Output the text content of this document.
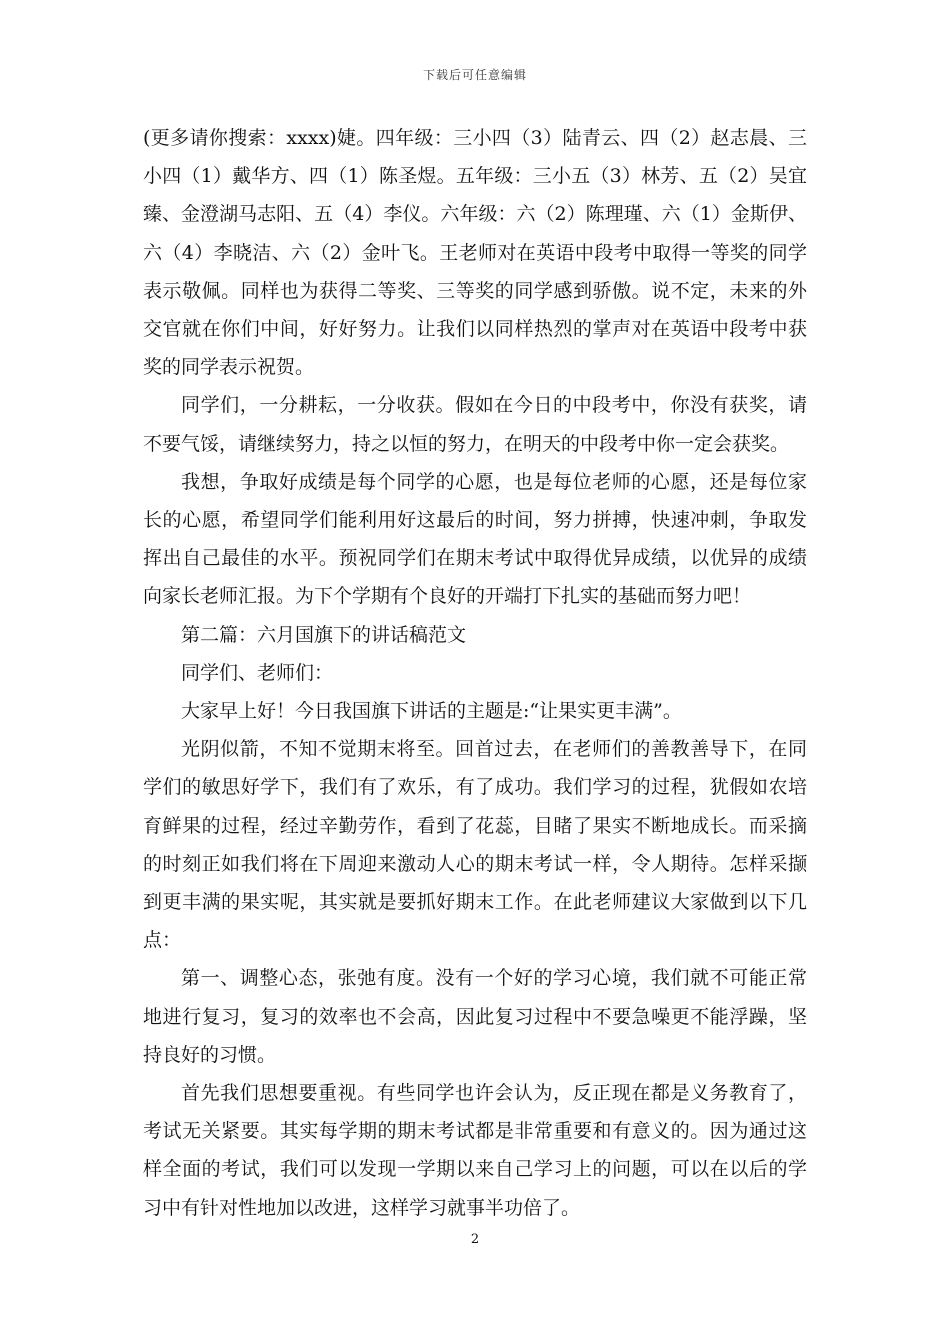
下载后可任意编辑

(更多请你搜索：xxxx)婕。四年级：三小四（3）陆青云、四（2）赵志晨、三小四（1）戴华方、四（1）陈圣煜。五年级：三小五（3）林芳、五（2）吴宜臻、金澄湖马志阳、五（4）李仪。六年级：六（2）陈理瑾、六（1）金斯伊、六（4）李晓洁、六（2）金叶飞。王老师对在英语中段考中取得一等奖的同学表示敬佩。同样也为获得二等奖、三等奖的同学感到骄傲。说不定，未来的外交官就在你们中间，好好努力。让我们以同样热烈的掌声对在英语中段考中获奖的同学表示祝贺。

同学们，一分耕耘，一分收获。假如在今日的中段考中，你没有获奖，请不要气馁，请继续努力，持之以恒的努力，在明天的中段考中你一定会获奖。

我想，争取好成绩是每个同学的心愿，也是每位老师的心愿，还是每位家长的心愿，希望同学们能利用好这最后的时间，努力拼搏，快速冲刺，争取发挥出自己最佳的水平。预祝同学们在期末考试中取得优异成绩，以优异的成绩向家长老师汇报。为下个学期有个良好的开端打下扎实的基础而努力吧！

第二篇：六月国旗下的讲话稿范文

同学们、老师们：

大家早上好！今日我国旗下讲话的主题是:“让果实更丰满”。

光阴似箭，不知不觉期末将至。回首过去，在老师们的善教善导下，在同学们的敏思好学下，我们有了欢乐，有了成功。我们学习的过程，犹假如农培育鲜果的过程，经过辛勤劳作，看到了花蕊，目睹了果实不断地成长。而采摘的时刻正如我们将在下周迎来激动人心的期末考试一样，令人期待。怎样采撷到更丰满的果实呢，其实就是要抓好期末工作。在此老师建议大家做到以下几点：

第一、调整心态，张弛有度。没有一个好的学习心境，我们就不可能正常地进行复习，复习的效率也不会高，因此复习过程中不要急噪更不能浮躁，坚持良好的习惯。

首先我们思想要重视。有些同学也许会认为，反正现在都是义务教育了，考试无关紧要。其实每学期的期末考试都是非常重要和有意义的。因为通过这样全面的考试，我们可以发现一学期以来自己学习上的问题，可以在以后的学习中有针对性地加以改进，这样学习就事半功倍了。

2
